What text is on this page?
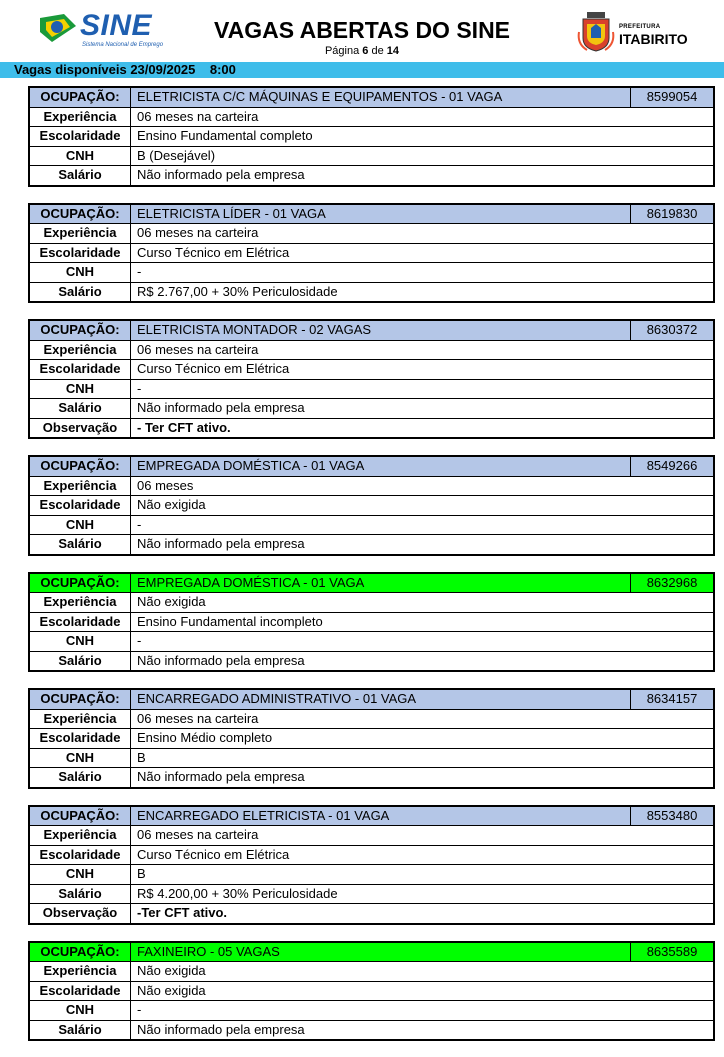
SINE
Sistema Nacional de Emprego
VAGAS ABERTAS DO SINE
Página 6 de 14
PREFEITURA
ITABIRITO
Vagas disponíveis 23/09/2025    8:00
OCUPAÇÃO:	ELETRICISTA C/C MÁQUINAS E EQUIPAMENTOS - 01 VAGA	8599054
Experiência	06 meses na carteira
Escolaridade	Ensino Fundamental completo
CNH	B (Desejável)
Salário	Não informado pela empresa
OCUPAÇÃO:	ELETRICISTA LÍDER - 01 VAGA	8619830
Experiência	06 meses na carteira
Escolaridade	Curso Técnico em Elétrica
CNH	-
Salário	R$ 2.767,00 + 30% Periculosidade
OCUPAÇÃO:	ELETRICISTA MONTADOR - 02 VAGAS	8630372
Experiência	06 meses na carteira
Escolaridade	Curso Técnico em Elétrica
CNH	-
Salário	Não informado pela empresa
Observação	- Ter CFT ativo.
OCUPAÇÃO:	EMPREGADA DOMÉSTICA - 01 VAGA	8549266
Experiência	06 meses
Escolaridade	Não exigida
CNH	-
Salário	Não informado pela empresa
OCUPAÇÃO:	EMPREGADA DOMÉSTICA - 01 VAGA	8632968
Experiência	Não exigida
Escolaridade	Ensino Fundamental incompleto
CNH	-
Salário	Não informado pela empresa
OCUPAÇÃO:	ENCARREGADO ADMINISTRATIVO - 01 VAGA	8634157
Experiência	06 meses na carteira
Escolaridade	Ensino Médio completo
CNH	B
Salário	Não informado pela empresa
OCUPAÇÃO:	ENCARREGADO ELETRICISTA - 01 VAGA	8553480
Experiência	06 meses na carteira
Escolaridade	Curso Técnico em Elétrica
CNH	B
Salário	R$ 4.200,00 + 30% Periculosidade
Observação	-Ter CFT ativo.
OCUPAÇÃO:	FAXINEIRO - 05 VAGAS	8635589
Experiência	Não exigida
Escolaridade	Não exigida
CNH	-
Salário	Não informado pela empresa
